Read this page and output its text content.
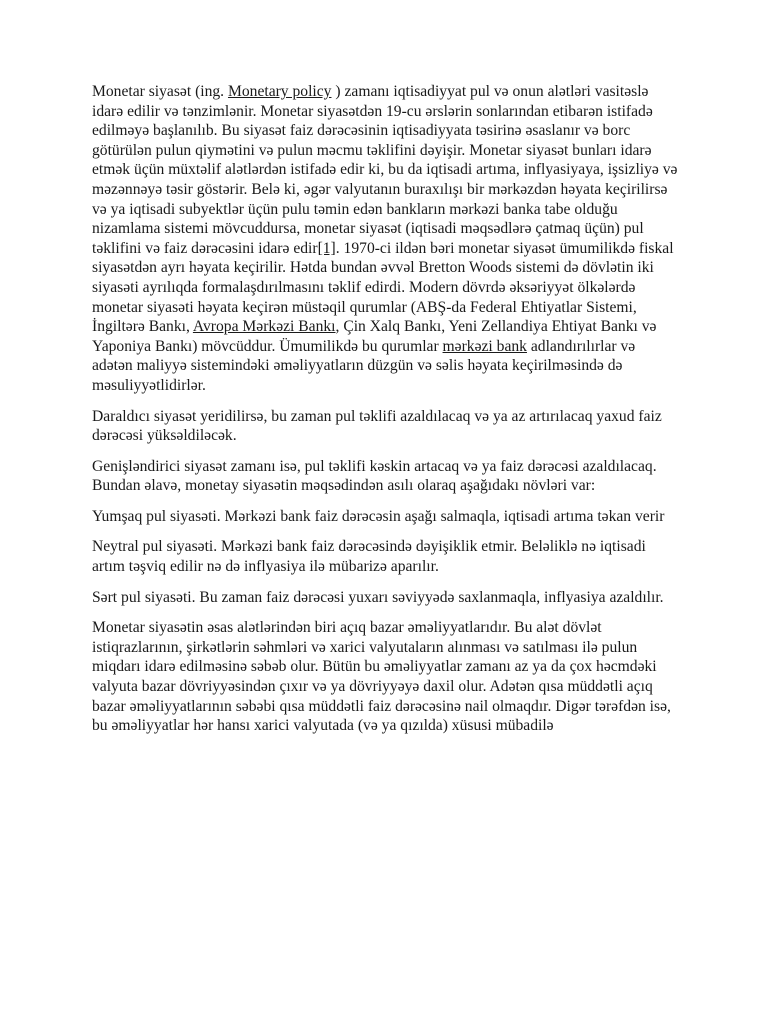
Monetar siyasət (ing. Monetary policy ) zamanı iqtisadiyyat pul və onun alətləri vasitəslə idarə edilir və tənzimlənir. Monetar siyasətdən 19-cu ərslərin sonlarından etibarən istifadə edilməyə başlanılıb. Bu siyasət faiz dərəcəsinin iqtisadiyyata təsirinə əsaslanır və borc götürülən pulun qiymətini və pulun məcmu təklifini dəyişir. Monetar siyasət bunları idarə etmək üçün müxtəlif alətlərdən istifadə edir ki, bu da iqtisadi artıma, inflyasiyaya, işsizliyə və məzənnəyə təsir göstərir. Belə ki, əgər valyutanın buraxılışı bir mərkəzdən həyata keçirilirsə və ya iqtisadi subyektlər üçün pulu təmin edən bankların mərkəzi banka tabe olduğu nizamlama sistemi mövcuddursa, monetar siyasət (iqtisadi məqsədlərə çatmaq üçün) pul təklifini və faiz dərəcəsini idarə edir[1]. 1970-ci ildən bəri monetar siyasət ümumilikdə fiskal siyasətdən ayrı həyata keçirilir. Hətda bundan əvvəl Bretton Woods sistemi də dövlətin iki siyasəti ayrılıqda formalaşdırılmasını təklif edirdi. Modern dövrdə əksəriyyət ölkələrdə monetar siyasəti həyata keçirən müstəqil qurumlar (ABŞ-da Federal Ehtiyatlar Sistemi, İngiltərə Bankı, Avropa Mərkəzi Bankı, Çin Xalq Bankı, Yeni Zellandiya Ehtiyat Bankı və Yaponiya Bankı) mövcüddur. Ümumilikdə bu qurumlar mərkəzi bank adlandırılırlar və adətən maliyyə sistemindəki əməliyyatların düzgün və səlis həyata keçirilməsində də məsuliyyətlidirlər.

Daraldıcı siyasət yeridilirsə, bu zaman pul təklifi azaldılacaq və ya az artırılacaq yaxud faiz dərəcəsi yüksəldiləcək.

Genişləndirici siyasət zamanı isə, pul təklifi kəskin artacaq və ya faiz dərəcəsi azaldılacaq. Bundan əlavə, monetay siyasətin məqsədindən asılı olaraq aşağıdakı növləri var:

Yumşaq pul siyasəti. Mərkəzi bank faiz dərəcəsin aşağı salmaqla, iqtisadi artıma təkan verir

Neytral pul siyasəti. Mərkəzi bank faiz dərəcəsində dəyişiklik etmir. Beləliklə nə iqtisadi artım təşviq edilir nə də inflyasiya ilə mübarizə aparılır.

Sərt pul siyasəti. Bu zaman faiz dərəcəsi yuxarı səviyyədə saxlanmaqla, inflyasiya azaldılır.

Monetar siyasətin əsas alətlərindən biri açıq bazar əməliyyatlarıdır. Bu alət dövlət istiqrazlarının, şirkətlərin səhmləri və xarici valyutaların alınması və satılması ilə pulun miqdarı idarə edilməsinə səbəb olur. Bütün bu əməliyyatlar zamanı az ya da çox həcmdəki valyuta bazar dövriyyəsindən çıxır və ya dövriyyəyə daxil olur. Adətən qısa müddətli açıq bazar əməliyyatlarının səbəbi qısa müddətli faiz dərəcəsinə nail olmaqdır. Digər tərəfdən isə, bu əməliyyatlar hər hansı xarici valyutada (və ya qızılda) xüsusi mübadilə
